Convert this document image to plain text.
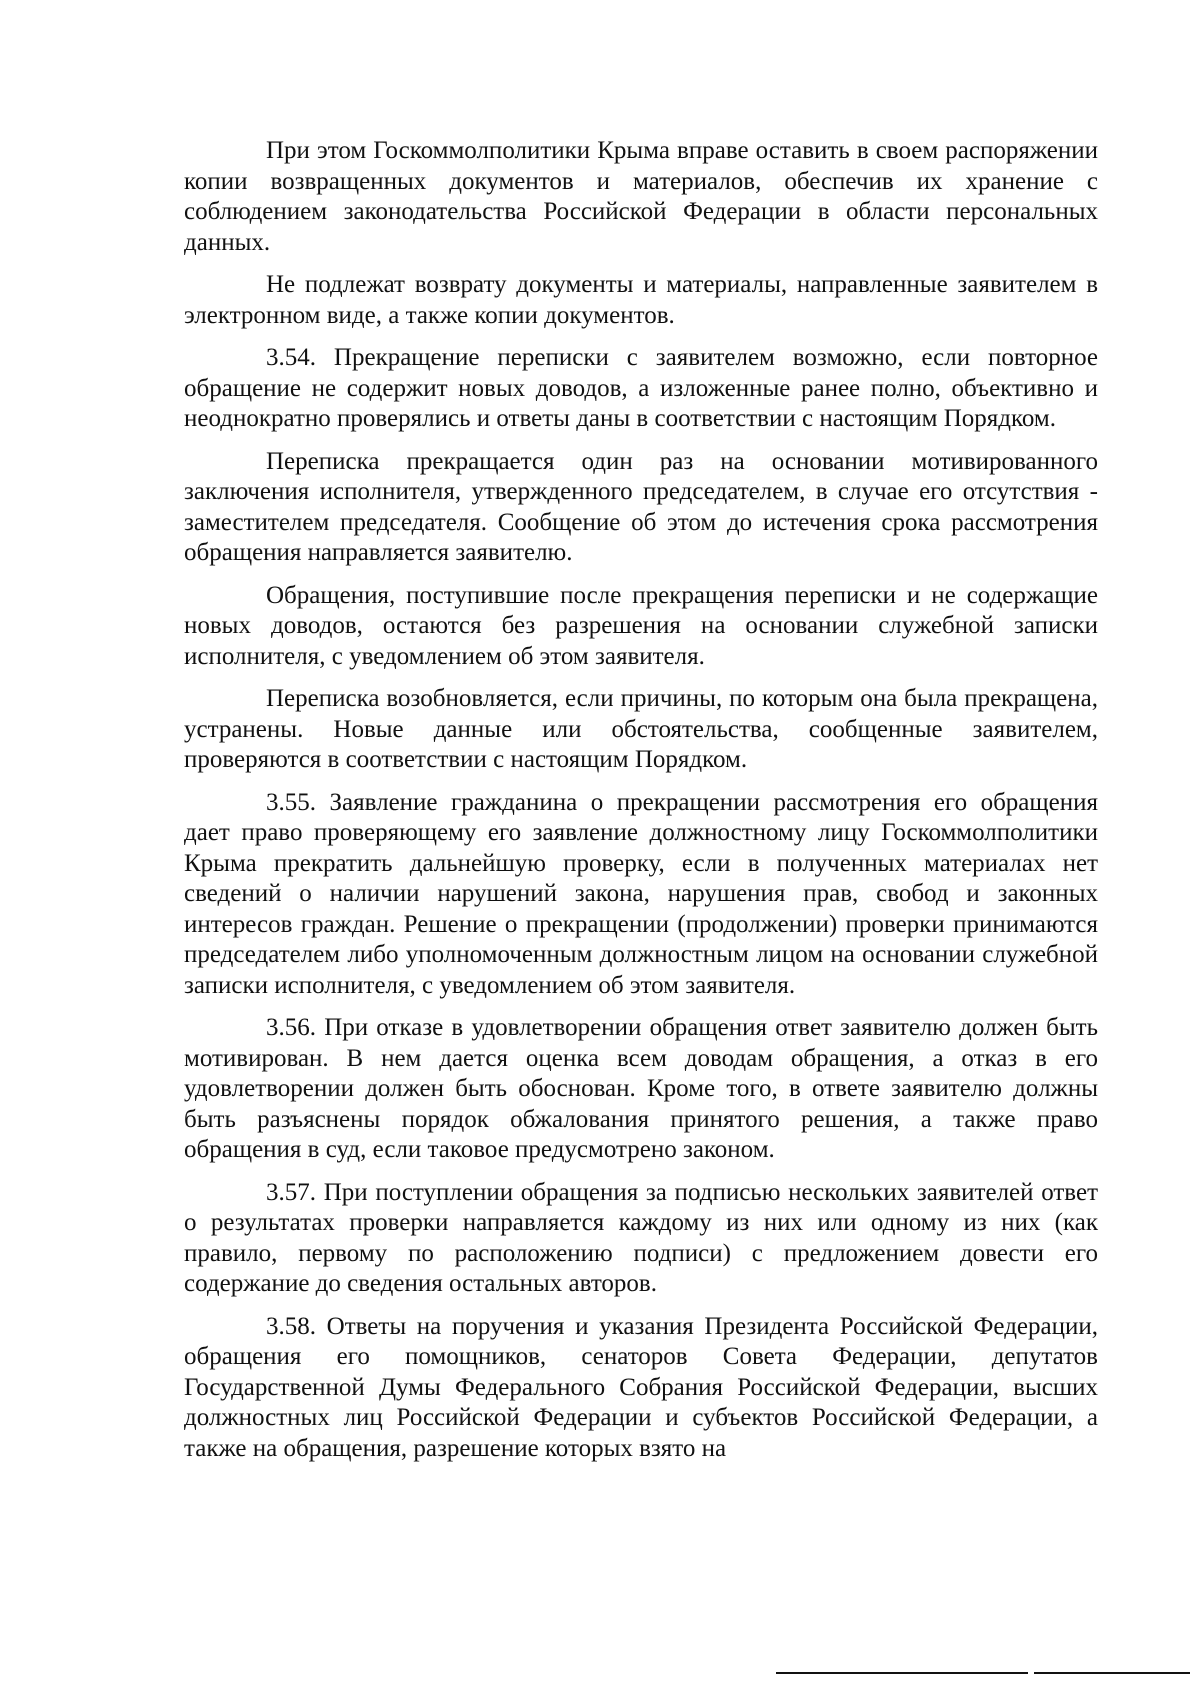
При этом Госкоммолполитики Крыма вправе оставить в своем распоряжении копии возвращенных документов и материалов, обеспечив их хранение с соблюдением законодательства Российской Федерации в области персональных данных.

Не подлежат возврату документы и материалы, направленные заявителем в электронном виде, а также копии документов.

3.54. Прекращение переписки с заявителем возможно, если повторное обращение не содержит новых доводов, а изложенные ранее полно, объективно и неоднократно проверялись и ответы даны в соответствии с настоящим Порядком.

Переписка прекращается один раз на основании мотивированного заключения исполнителя, утвержденного председателем, в случае его отсутствия - заместителем председателя. Сообщение об этом до истечения срока рассмотрения обращения направляется заявителю.

Обращения, поступившие после прекращения переписки и не содержащие новых доводов, остаются без разрешения на основании служебной записки исполнителя, с уведомлением об этом заявителя.

Переписка возобновляется, если причины, по которым она была прекращена, устранены. Новые данные или обстоятельства, сообщенные заявителем, проверяются в соответствии с настоящим Порядком.

3.55. Заявление гражданина о прекращении рассмотрения его обращения дает право проверяющему его заявление должностному лицу Госкоммолполитики Крыма прекратить дальнейшую проверку, если в полученных материалах нет сведений о наличии нарушений закона, нарушения прав, свобод и законных интересов граждан. Решение о прекращении (продолжении) проверки принимаются председателем либо уполномоченным должностным лицом на основании служебной записки исполнителя, с уведомлением об этом заявителя.

3.56. При отказе в удовлетворении обращения ответ заявителю должен быть мотивирован. В нем дается оценка всем доводам обращения, а отказ в его удовлетворении должен быть обоснован. Кроме того, в ответе заявителю должны быть разъяснены порядок обжалования принятого решения, а также право обращения в суд, если таковое предусмотрено законом.

3.57. При поступлении обращения за подписью нескольких заявителей ответ о результатах проверки направляется каждому из них или одному из них (как правило, первому по расположению подписи) с предложением довести его содержание до сведения остальных авторов.

3.58. Ответы на поручения и указания Президента Российской Федерации, обращения его помощников, сенаторов Совета Федерации, депутатов Государственной Думы Федерального Собрания Российской Федерации, высших должностных лиц Российской Федерации и субъектов Российской Федерации, а также на обращения, разрешение которых взято на
